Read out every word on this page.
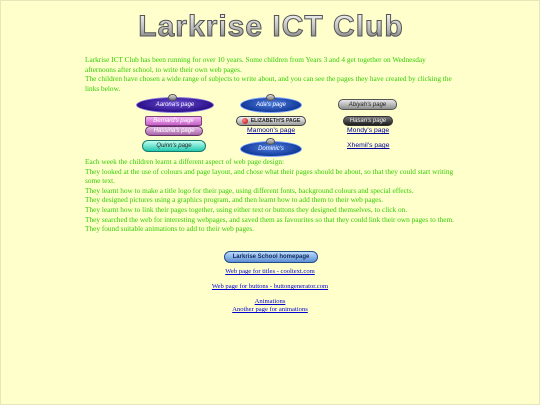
Larkrise ICT Club

Larkrise ICT Club has been running for over 10 years. Some children from Years 3 and 4 get together on Wednesday afternoons after school, to write their own web pages.

The children have chosen a wide range of subjects to write about, and you can see the pages they have created by clicking the links below.

Aarona's page	Ada's page	Abiyah's page
Bernard's page	ELIZABETH'S PAGE	Hasan's page
Hassina's page	Mamoon's page	Mondy's page
Quinn's page	Dominic's	Xhemil's page

Each week the children learnt a different aspect of web page design:

They looked at the use of colours and page layout, and chose what their pages should be about, so that they could start writing some text.

They learnt how to make a title logo for their page, using different fonts, background colours and special effects.

They designed pictures using a graphics program, and then learnt how to add them to their web pages.

They learnt how to link their pages together, using either text or buttons they designed themselves, to click on.

They searched the web for interesting webpages, and saved them as favourites so that they could link their own pages to them.

They found suitable animations to add to their web pages.

Larkrise School homepage
Web page for titles - cooltext.com
Web page for buttons - buttongenerator.com
Animations
Another page for animations
